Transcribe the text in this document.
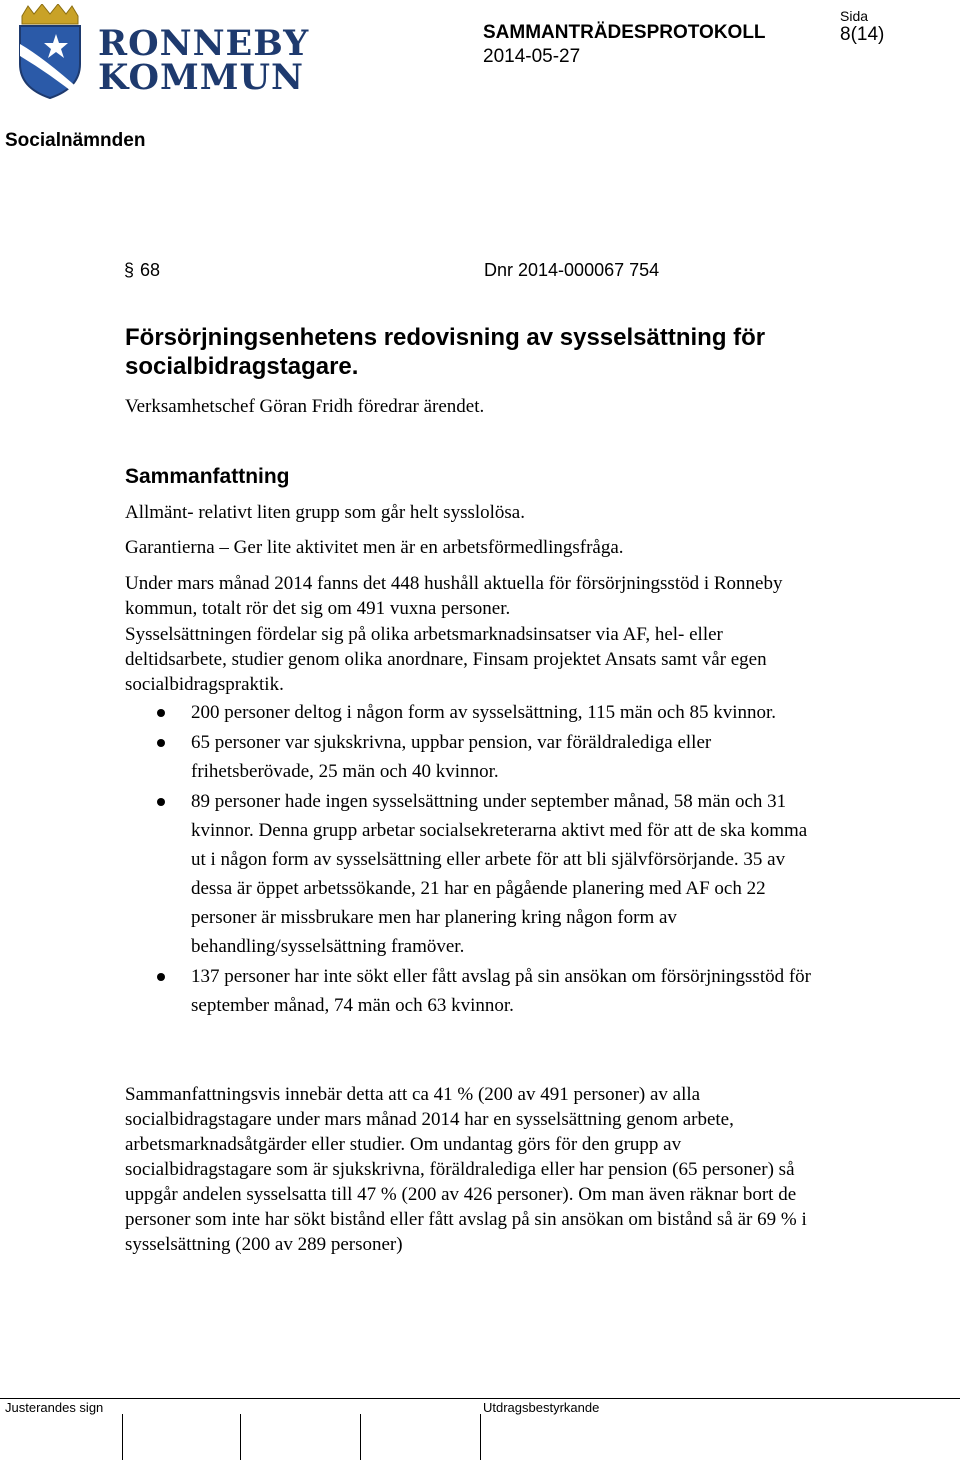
RONNEBY
KOMMUN
SAMMANTRÄDESPROTOKOLL
2014-05-27
Sida
8(14)
Socialnämnden
§ 68	Dnr 2014-000067 754
Försörjningsenhetens redovisning av sysselsättning för socialbidragstagare.
Verksamhetschef Göran Fridh föredrar ärendet.
Sammanfattning
Allmänt- relativt liten grupp som går helt sysslolösa.
Garantierna – Ger lite aktivitet men är en arbetsförmedlingsfråga.
Under mars månad 2014 fanns det 448 hushåll aktuella för försörjningsstöd i Ronneby kommun, totalt rör det sig om 491 vuxna personer.
Sysselsättningen fördelar sig på olika arbetsmarknadsinsatser via AF, hel- eller deltidsarbete, studier genom olika anordnare, Finsam projektet Ansats samt vår egen socialbidragspraktik.
200 personer deltog i någon form av sysselsättning, 115 män och 85 kvinnor.
65 personer var sjukskrivna, uppbar pension, var föräldralediga eller frihetsberövade, 25 män och 40 kvinnor.
89 personer hade ingen sysselsättning under september månad, 58 män och 31 kvinnor. Denna grupp arbetar socialsekreterarna aktivt med för att de ska komma ut i någon form av sysselsättning eller arbete för att bli självförsörjande. 35 av dessa är öppet arbetssökande, 21 har en pågående planering med AF och 22 personer är missbrukare men har planering kring någon form av behandling/sysselsättning framöver.
137 personer har inte sökt eller fått avslag på sin ansökan om försörjningsstöd för september månad, 74 män och 63 kvinnor.
Sammanfattningsvis innebär detta att ca 41 % (200 av 491 personer) av alla socialbidragstagare under mars månad 2014 har en sysselsättning genom arbete, arbetsmarknadsåtgärder eller studier. Om undantag görs för den grupp av socialbidragstagare som är sjukskrivna, föräldralediga eller har pension (65 personer) så uppgår andelen sysselsatta till 47 % (200 av 426 personer). Om man även räknar bort de personer som inte har sökt bistånd eller fått avslag på sin ansökan om bistånd så är 69 % i sysselsättning (200 av 289 personer)
Justerandes sign	Utdragsbestyrkande
